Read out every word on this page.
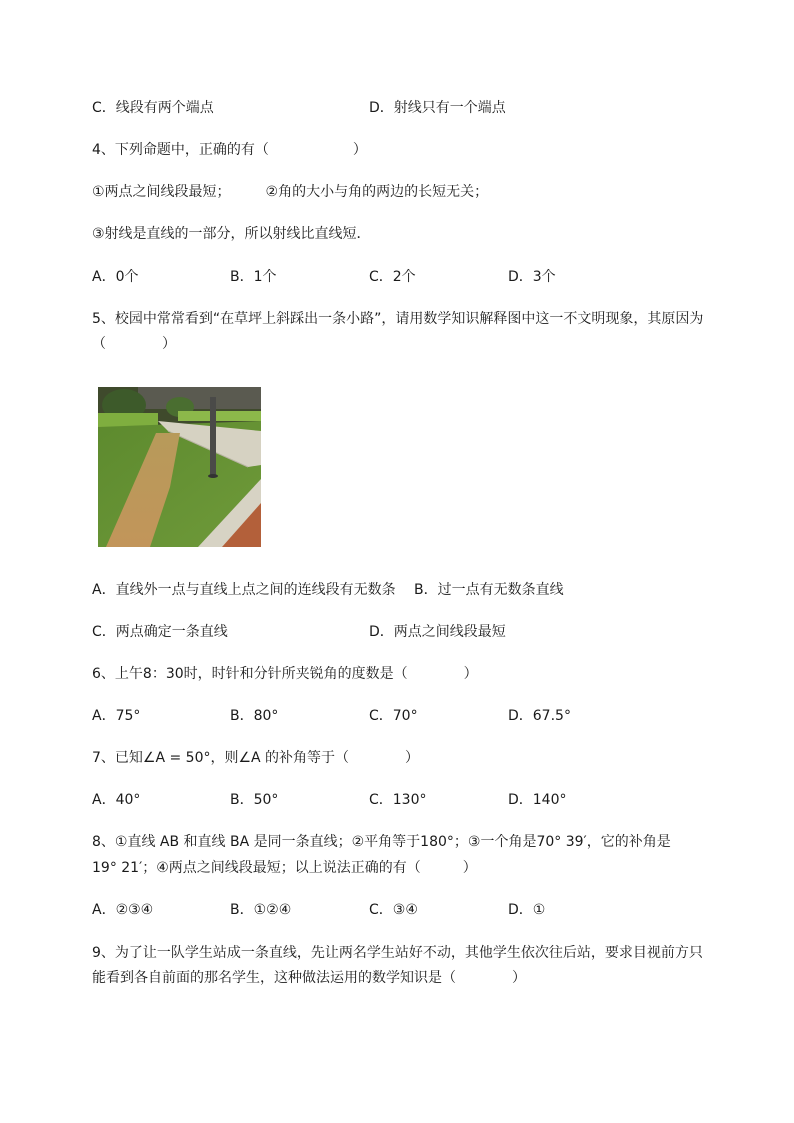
C．线段有两个端点	D．射线只有一个端点
4、下列命题中，正确的有（　　　　　　）
①两点之间线段最短；　　　②角的大小与角的两边的长短无关；
③射线是直线的一部分，所以射线比直线短．
A．0个	B．1个	C．2个	D．3个
5、校园中常常看到“在草坪上斜踩出一条小路”，请用数学知识解释图中这一不文明现象，其原因为
（　　　　）
A．直线外一点与直线上点之间的连线段有无数条　 B．过一点有无数条直线
C．两点确定一条直线	D．两点之间线段最短
6、上午8：30时，时针和分针所夹锐角的度数是（　　　　）
A．75°	B．80°	C．70°	D．67.5°
7、已知∠A = 50°，则∠A 的补角等于（　　　　）
A．40°	B．50°	C．130°	D．140°
8、①直线 AB 和直线 BA 是同一条直线；②平角等于180°；③一个角是70° 39′，它的补角是
19° 21′；④两点之间线段最短；以上说法正确的有（　　　）
A．②③④	B．①②④	C．③④	D．①
9、为了让一队学生站成一条直线，先让两名学生站好不动，其他学生依次往后站，要求目视前方只
能看到各自前面的那名学生，这种做法运用的数学知识是（　　　　）
